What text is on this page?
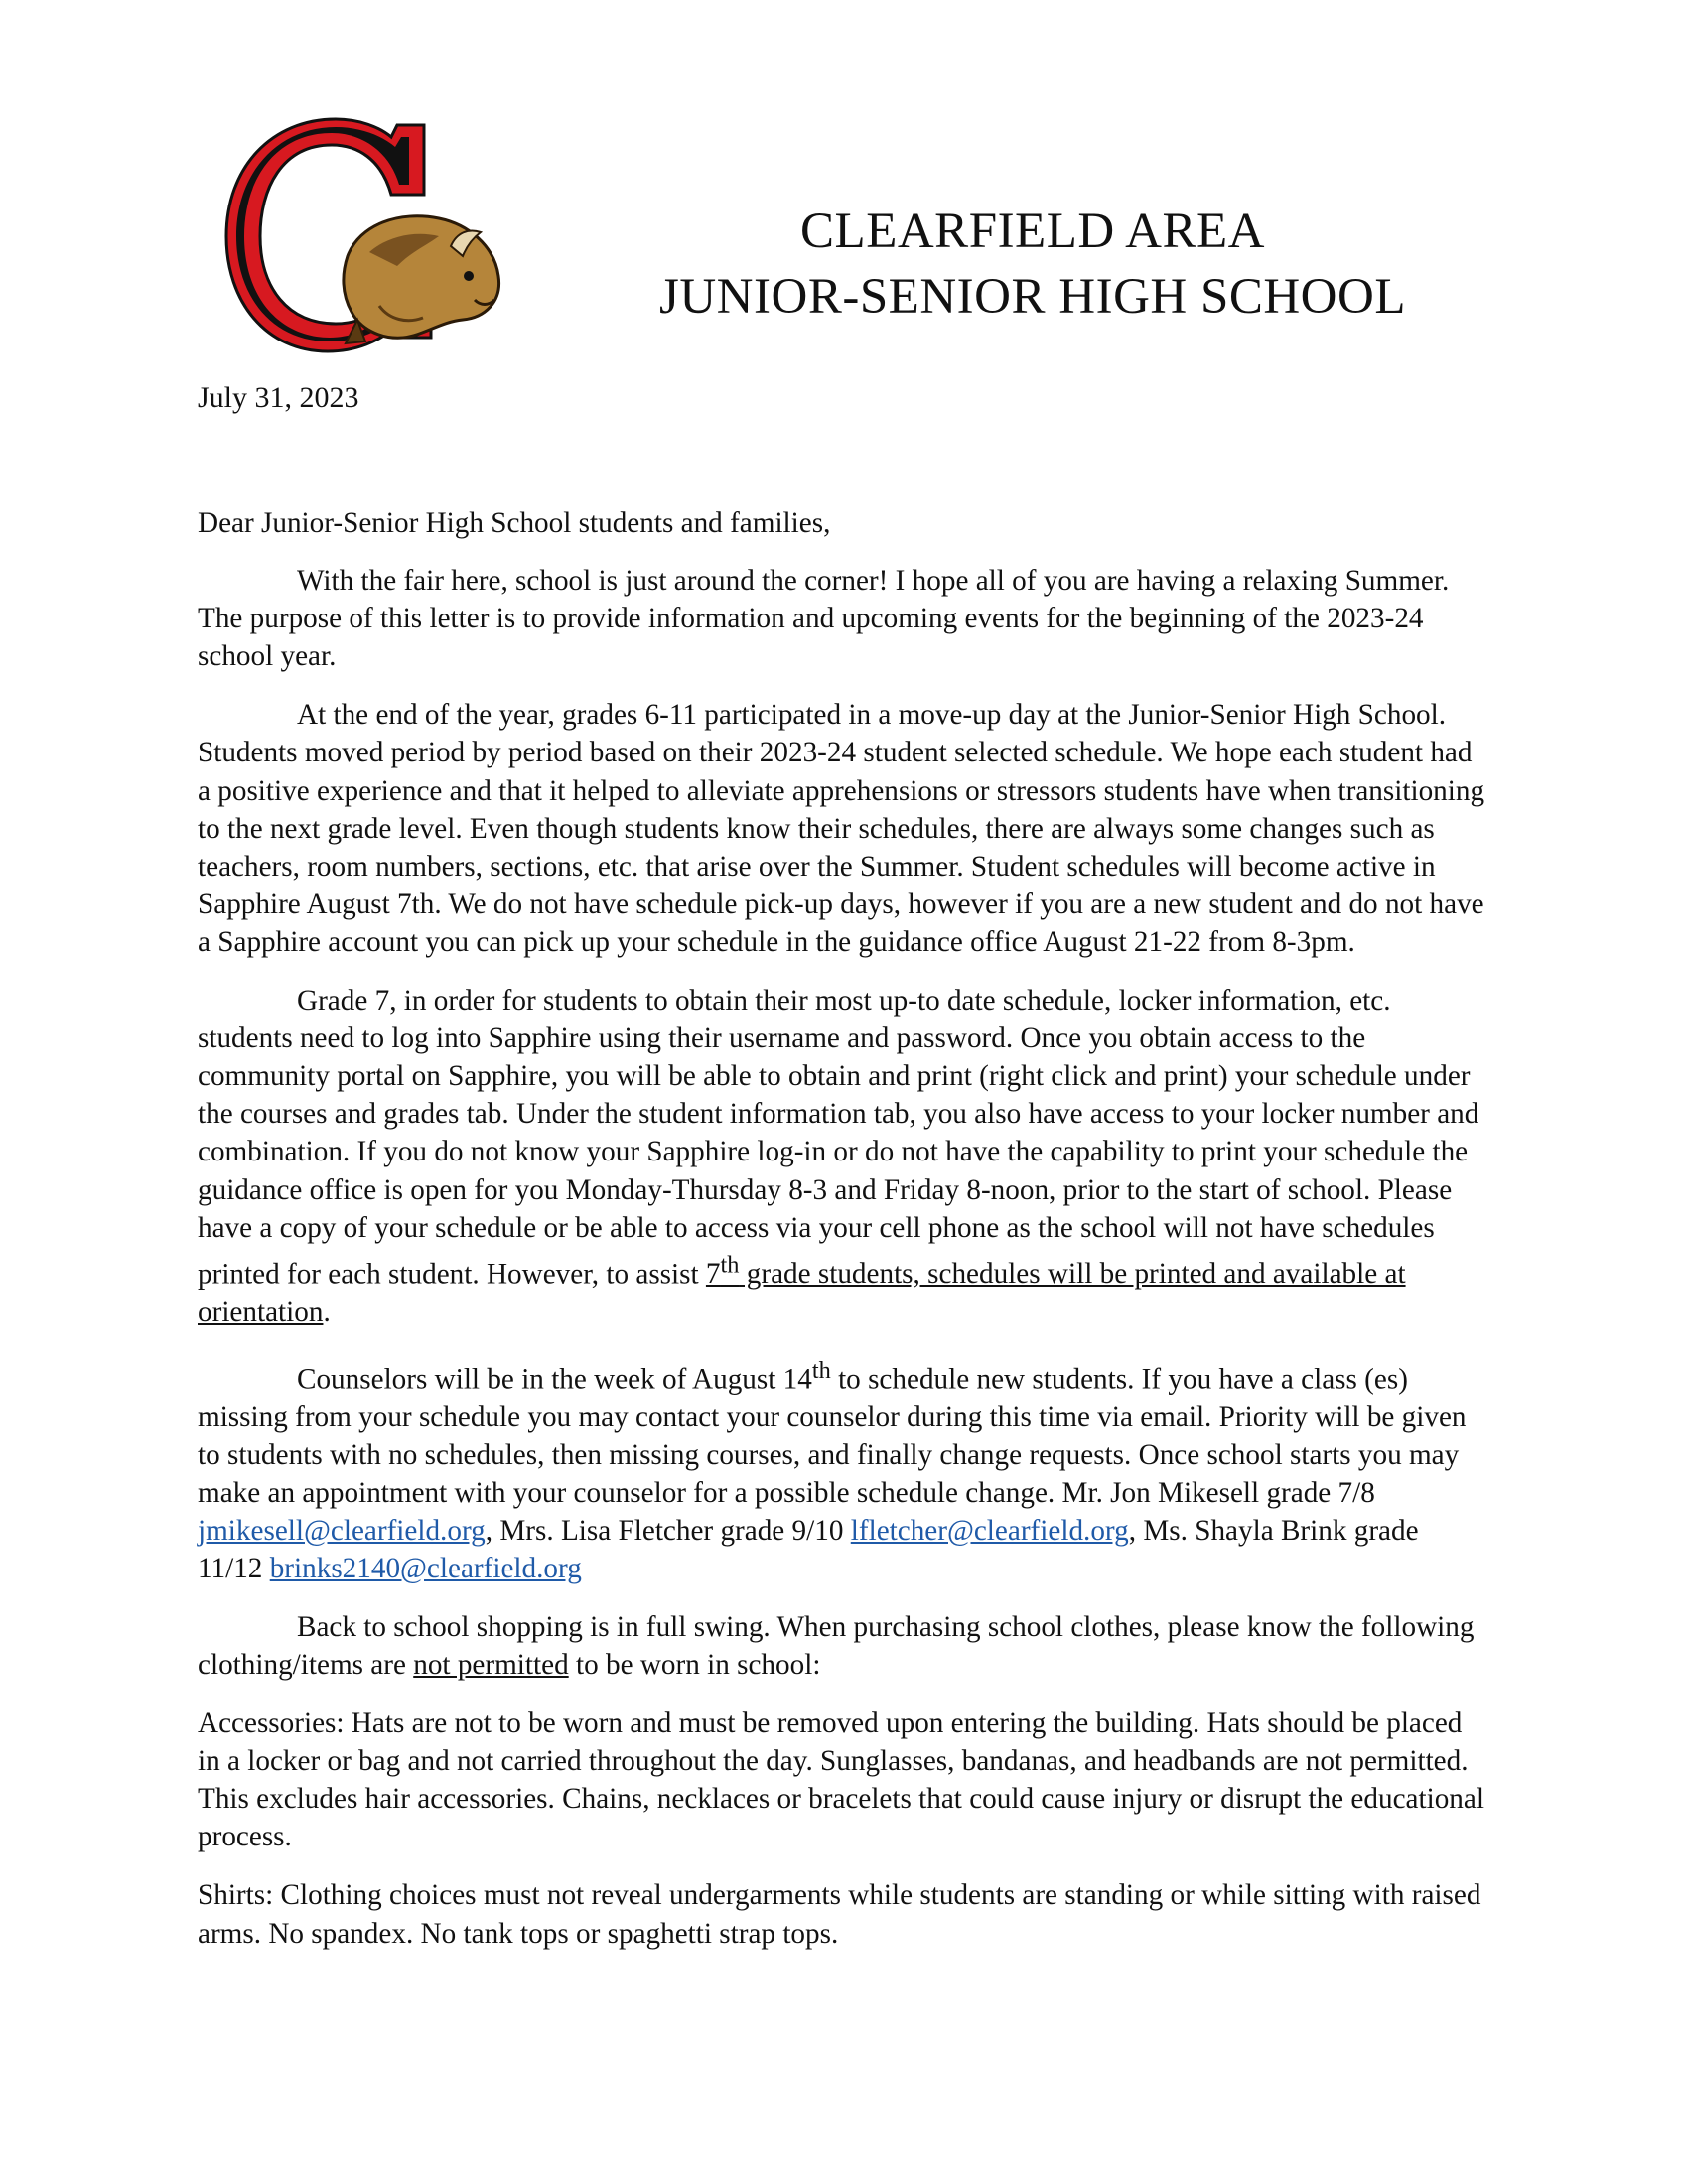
CLEARFIELD AREA
JUNIOR-SENIOR HIGH SCHOOL
July 31, 2023

Dear Junior-Senior High School students and families,

With the fair here, school is just around the corner! I hope all of you are having a relaxing Summer. The purpose of this letter is to provide information and upcoming events for the beginning of the 2023-24 school year.

At the end of the year, grades 6-11 participated in a move-up day at the Junior-Senior High School. Students moved period by period based on their 2023-24 student selected schedule. We hope each student had a positive experience and that it helped to alleviate apprehensions or stressors students have when transitioning to the next grade level. Even though students know their schedules, there are always some changes such as teachers, room numbers, sections, etc. that arise over the Summer. Student schedules will become active in Sapphire August 7th. We do not have schedule pick-up days, however if you are a new student and do not have a Sapphire account you can pick up your schedule in the guidance office August 21-22 from 8-3pm.

Grade 7, in order for students to obtain their most up-to date schedule, locker information, etc. students need to log into Sapphire using their username and password. Once you obtain access to the community portal on Sapphire, you will be able to obtain and print (right click and print) your schedule under the courses and grades tab. Under the student information tab, you also have access to your locker number and combination. If you do not know your Sapphire log-in or do not have the capability to print your schedule the guidance office is open for you Monday-Thursday 8-3 and Friday 8-noon, prior to the start of school. Please have a copy of your schedule or be able to access via your cell phone as the school will not have schedules printed for each student. However, to assist 7th grade students, schedules will be printed and available at orientation.

Counselors will be in the week of August 14th to schedule new students. If you have a class (es) missing from your schedule you may contact your counselor during this time via email. Priority will be given to students with no schedules, then missing courses, and finally change requests. Once school starts you may make an appointment with your counselor for a possible schedule change. Mr. Jon Mikesell grade 7/8 jmikesell@clearfield.org, Mrs. Lisa Fletcher grade 9/10 lfletcher@clearfield.org, Ms. Shayla Brink grade 11/12 brinks2140@clearfield.org

Back to school shopping is in full swing. When purchasing school clothes, please know the following clothing/items are not permitted to be worn in school:

Accessories: Hats are not to be worn and must be removed upon entering the building. Hats should be placed in a locker or bag and not carried throughout the day. Sunglasses, bandanas, and headbands are not permitted. This excludes hair accessories. Chains, necklaces or bracelets that could cause injury or disrupt the educational process.

Shirts: Clothing choices must not reveal undergarments while students are standing or while sitting with raised arms. No spandex. No tank tops or spaghetti strap tops.
